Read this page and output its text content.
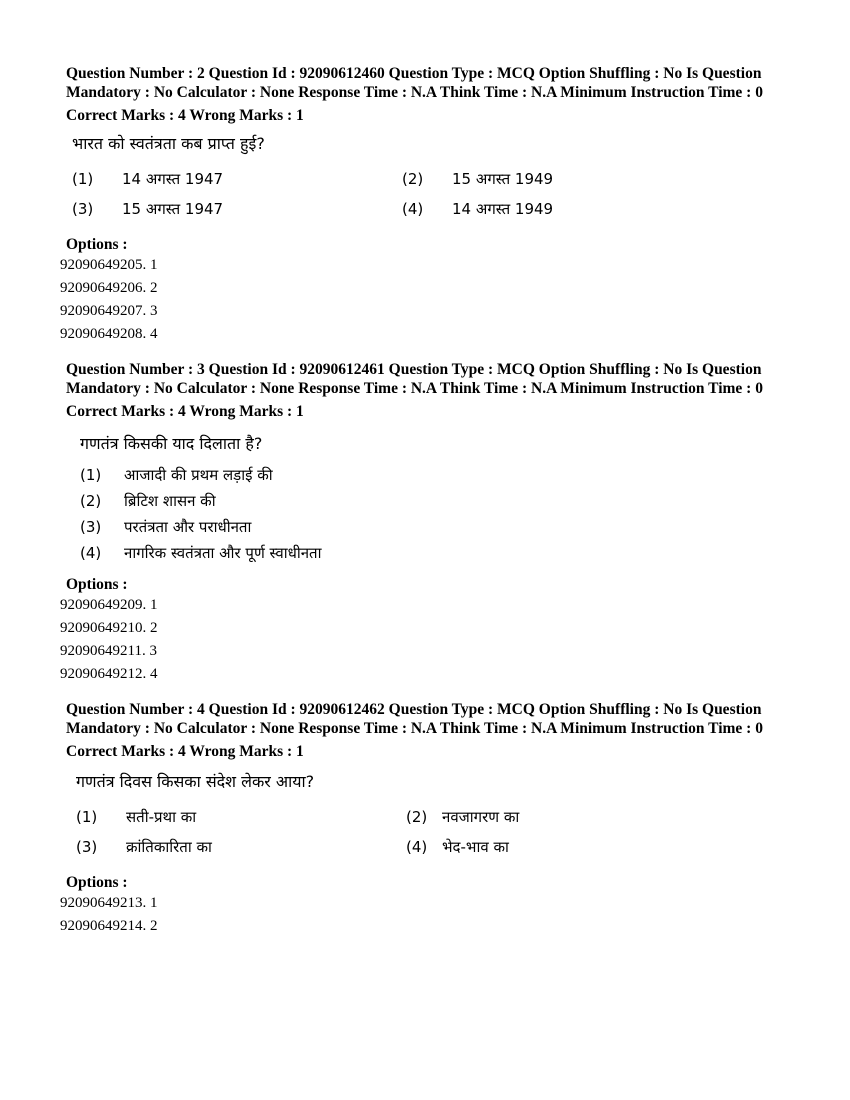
Question Number : 2 Question Id : 92090612460 Question Type : MCQ Option Shuffling : No Is Question Mandatory : No Calculator : None Response Time : N.A Think Time : N.A Minimum Instruction Time : 0
Correct Marks : 4 Wrong Marks : 1
भारत को स्वतंत्रता कब प्राप्त हुई?
(1)	14 अगस्त 1947	(2)	15 अगस्त 1949
(3)	15 अगस्त 1947	(4)	14 अगस्त 1949
Options :
92090649205. 1
92090649206. 2
92090649207. 3
92090649208. 4
Question Number : 3 Question Id : 92090612461 Question Type : MCQ Option Shuffling : No Is Question Mandatory : No Calculator : None Response Time : N.A Think Time : N.A Minimum Instruction Time : 0
Correct Marks : 4 Wrong Marks : 1
गणतंत्र किसकी याद दिलाता है?
(1)	आजादी की प्रथम लड़ाई की
(2)	ब्रिटिश शासन की
(3)	परतंत्रता और पराधीनता
(4)	नागरिक स्वतंत्रता और पूर्ण स्वाधीनता
Options :
92090649209. 1
92090649210. 2
92090649211. 3
92090649212. 4
Question Number : 4 Question Id : 92090612462 Question Type : MCQ Option Shuffling : No Is Question Mandatory : No Calculator : None Response Time : N.A Think Time : N.A Minimum Instruction Time : 0
Correct Marks : 4 Wrong Marks : 1
गणतंत्र दिवस किसका संदेश लेकर आया?
(1)	सती-प्रथा का	(2) नवजागरण का
(3)	क्रांतिकारिता का	(4) भेद-भाव का
Options :
92090649213. 1
92090649214. 2
